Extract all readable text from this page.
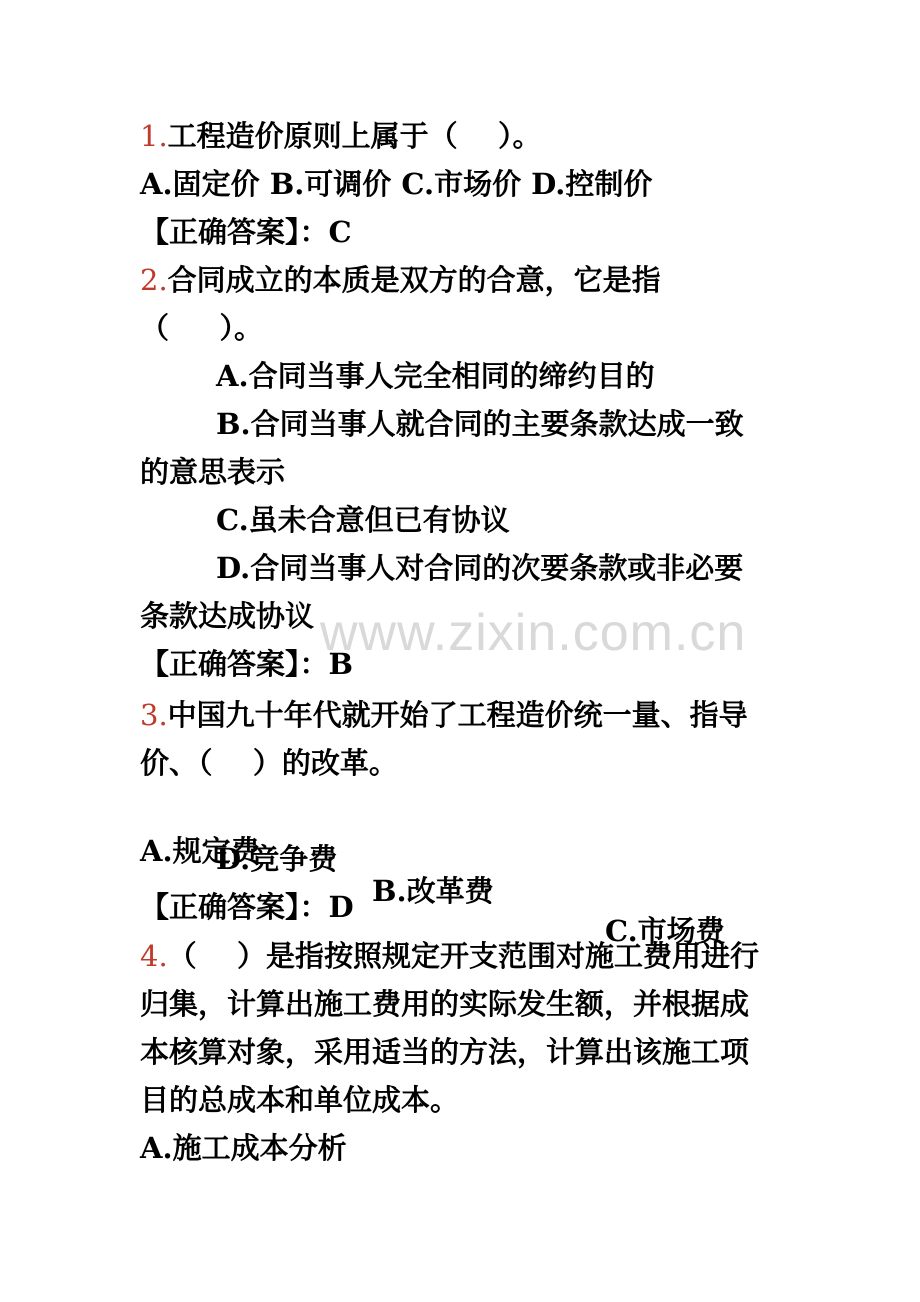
1.工程造价原则上属于（    ）。
A.固定价 B.可调价 C.市场价 D.控制价
【正确答案】：C
2.合同成立的本质是双方的合意，它是指
（     ）。
A.合同当事人完全相同的缔约目的
B.合同当事人就合同的主要条款达成一致
的意思表示
C.虽未合意但已有协议
D.合同当事人对合同的次要条款或非必要
条款达成协议
【正确答案】：B
3.中国九十年代就开始了工程造价统一量、指导
价、（    ）的改革。

A.规定费

B.改革费

C.市场费

D.竞争费
【正确答案】：D
4.（    ）是指按照规定开支范围对施工费用进行
归集，计算出施工费用的实际发生额，并根据成
本核算对象，采用适当的方法，计算出该施工项
目的总成本和单位成本。
A.施工成本分析
www.zixin.com.cn
